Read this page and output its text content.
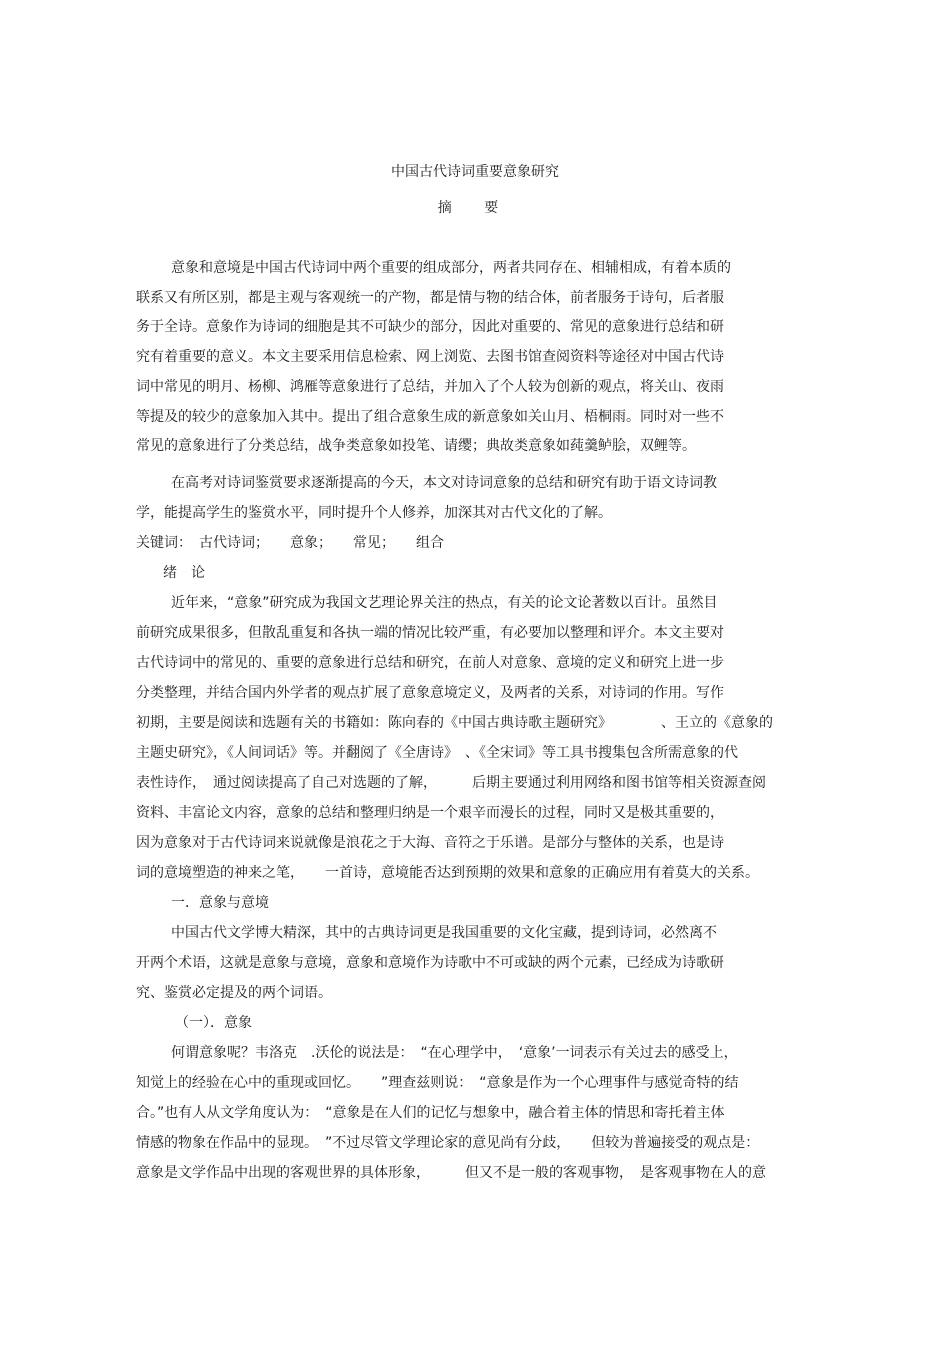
中国古代诗词重要意象研究
摘 要
意象和意境是中国古代诗词中两个重要的组成部分，两者共同存在、相辅相成，有着本质的
联系又有所区别，都是主观与客观统一的产物，都是情与物的结合体，前者服务于诗句，后者服
务于全诗。意象作为诗词的细胞是其不可缺少的部分，因此对重要的、常见的意象进行总结和研
究有着重要的意义。本文主要采用信息检索、网上浏览、去图书馆查阅资料等途径对中国古代诗
词中常见的明月、杨柳、鸿雁等意象进行了总结，并加入了个人较为创新的观点，将关山、夜雨
等提及的较少的意象加入其中。提出了组合意象生成的新意象如关山月、梧桐雨。同时对一些不
常见的意象进行了分类总结，战争类意象如投笔、请缨；典故类意象如莼羹鲈脍，双鲤等。
在高考对诗词鉴赏要求逐渐提高的今天，本文对诗词意象的总结和研究有助于语文诗词教
学，能提高学生的鉴赏水平，同时提升个人修养，加深其对古代文化的了解。
关键词：　古代诗词；　　意象；　　常见；　　组合
绪　论
近年来，“意象”研究成为我国文艺理论界关注的热点，有关的论文论著数以百计。虽然目
前研究成果很多，但散乱重复和各执一端的情况比较严重，有必要加以整理和评介。本文主要对
古代诗词中的常见的、重要的意象进行总结和研究，在前人对意象、意境的定义和研究上进一步
分类整理，并结合国内外学者的观点扩展了意象意境定义，及两者的关系，对诗词的作用。写作
初期，主要是阅读和选题有关的书籍如：陈向春的《中国古典诗歌主题研究》　　　　、王立的《意象的
主题史研究》，《人间词话》等。并翻阅了《全唐诗》　、《全宋词》等工具书搜集包含所需意象的代
表性诗作，　通过阅读提高了自己对选题的了解，　　　后期主要通过利用网络和图书馆等相关资源查阅
资料、丰富论文内容，意象的总结和整理归纳是一个艰辛而漫长的过程，同时又是极其重要的，
因为意象对于古代诗词来说就像是浪花之于大海、音符之于乐谱。是部分与整体的关系，也是诗
词的意境塑造的神来之笔，　　一首诗，意境能否达到预期的效果和意象的正确应用有着莫大的关系。
一．意象与意境
中国古代文学博大精深，其中的古典诗词更是我国重要的文化宝藏，提到诗词，必然离不
开两个术语，这就是意象与意境，意象和意境作为诗歌中不可或缺的两个元素，已经成为诗歌研
究、鉴赏必定提及的两个词语。
（一）．意象
何谓意象呢？韦洛克　.沃伦的说法是：　“在心理学中，　‘意象’一词表示有关过去的感受上，
知觉上的经验在心中的重现或回忆。　　”理查兹则说：　“意象是作为一个心理事件与感觉奇特的结
合。”也有人从文学角度认为：　“意象是在人们的记忆与想象中，融合着主体的情思和寄托着主体
情感的物象在作品中的显现。　”不过尽管文学理论家的意见尚有分歧，　　但较为普遍接受的观点是：
意象是文学作品中出现的客观世界的具体形象，　　　但又不是一般的客观事物，　是客观事物在人的意
